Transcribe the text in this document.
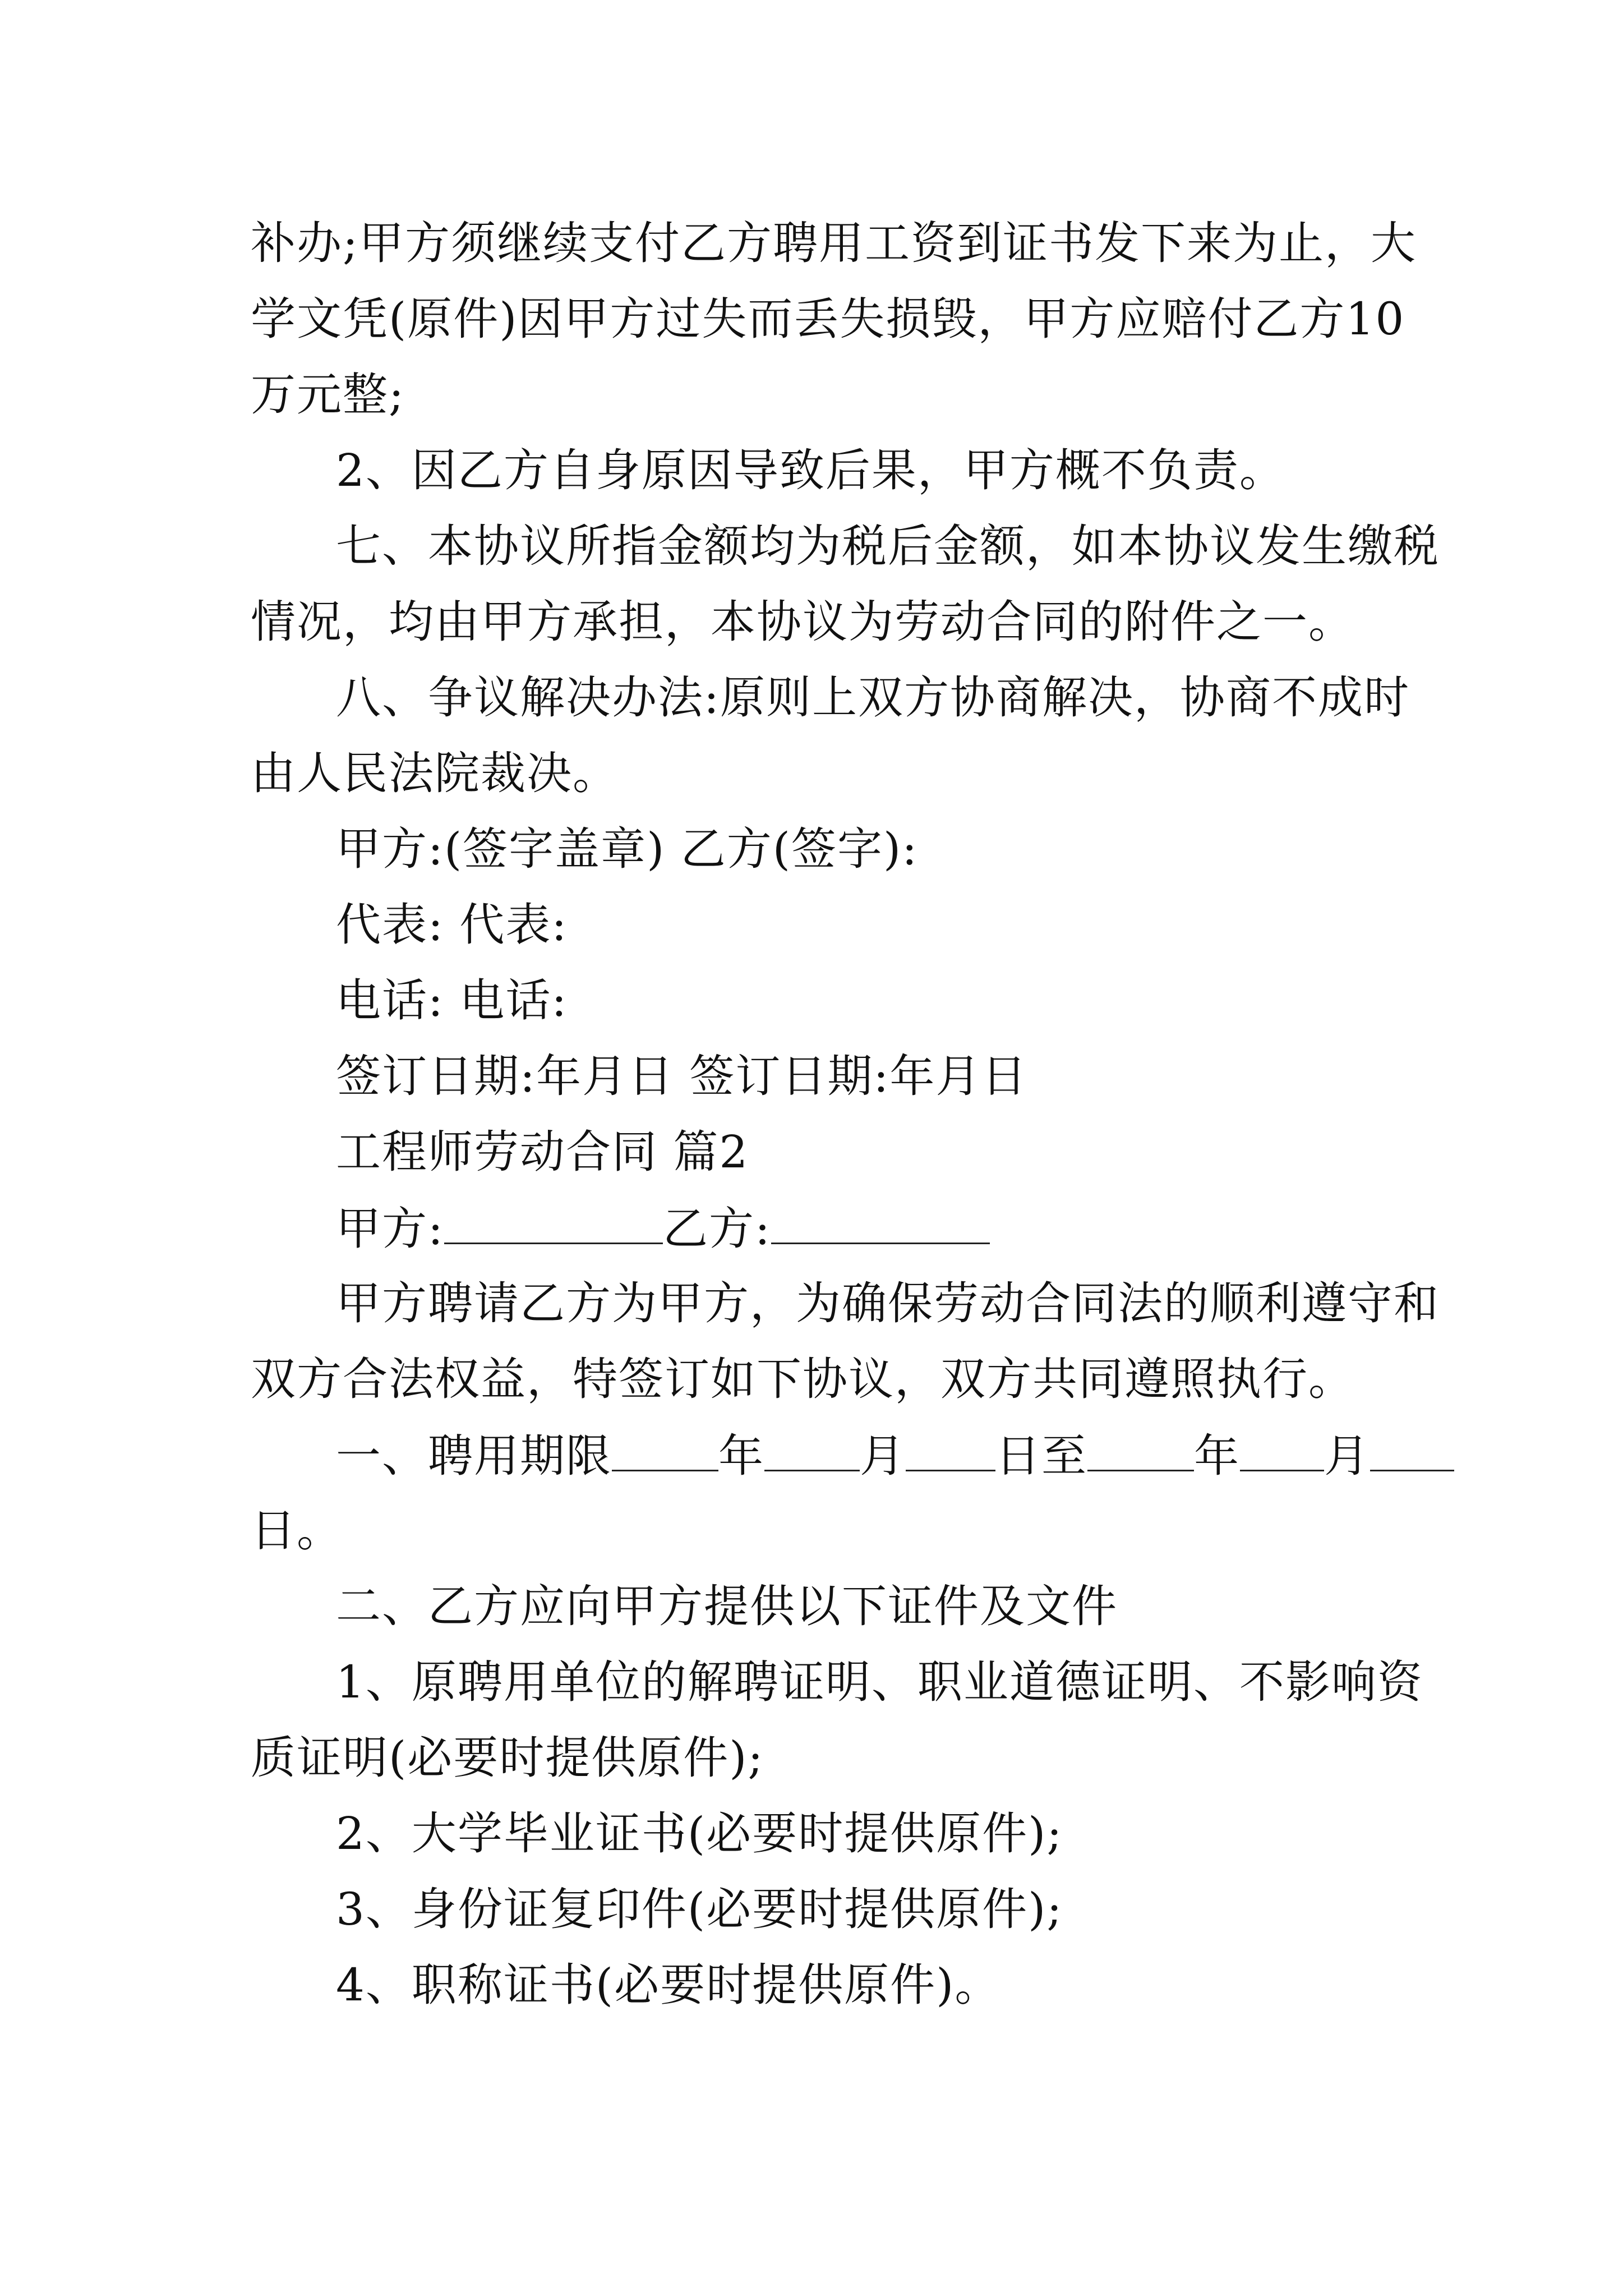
补办;甲方须继续支付乙方聘用工资到证书发下来为止，大
学文凭(原件)因甲方过失而丢失损毁，甲方应赔付乙方10
万元整;
2、因乙方自身原因导致后果，甲方概不负责。
七、本协议所指金额均为税后金额，如本协议发生缴税
情况，均由甲方承担，本协议为劳动合同的附件之一。
八、争议解决办法:原则上双方协商解决，协商不成时
由人民法院裁决。
甲方:(签字盖章) 乙方(签字):
代表: 代表:
电话: 电话:
签订日期:年月日 签订日期:年月日
工程师劳动合同 篇2
甲方:	乙方:
甲方聘请乙方为甲方，为确保劳动合同法的顺利遵守和
双方合法权益，特签订如下协议，双方共同遵照执行。
一、聘用期限 年 月 日至 年 月
日。
二、乙方应向甲方提供以下证件及文件
1、原聘用单位的解聘证明、职业道德证明、不影响资
质证明(必要时提供原件);
2、大学毕业证书(必要时提供原件);
3、身份证复印件(必要时提供原件);
4、职称证书(必要时提供原件)。
